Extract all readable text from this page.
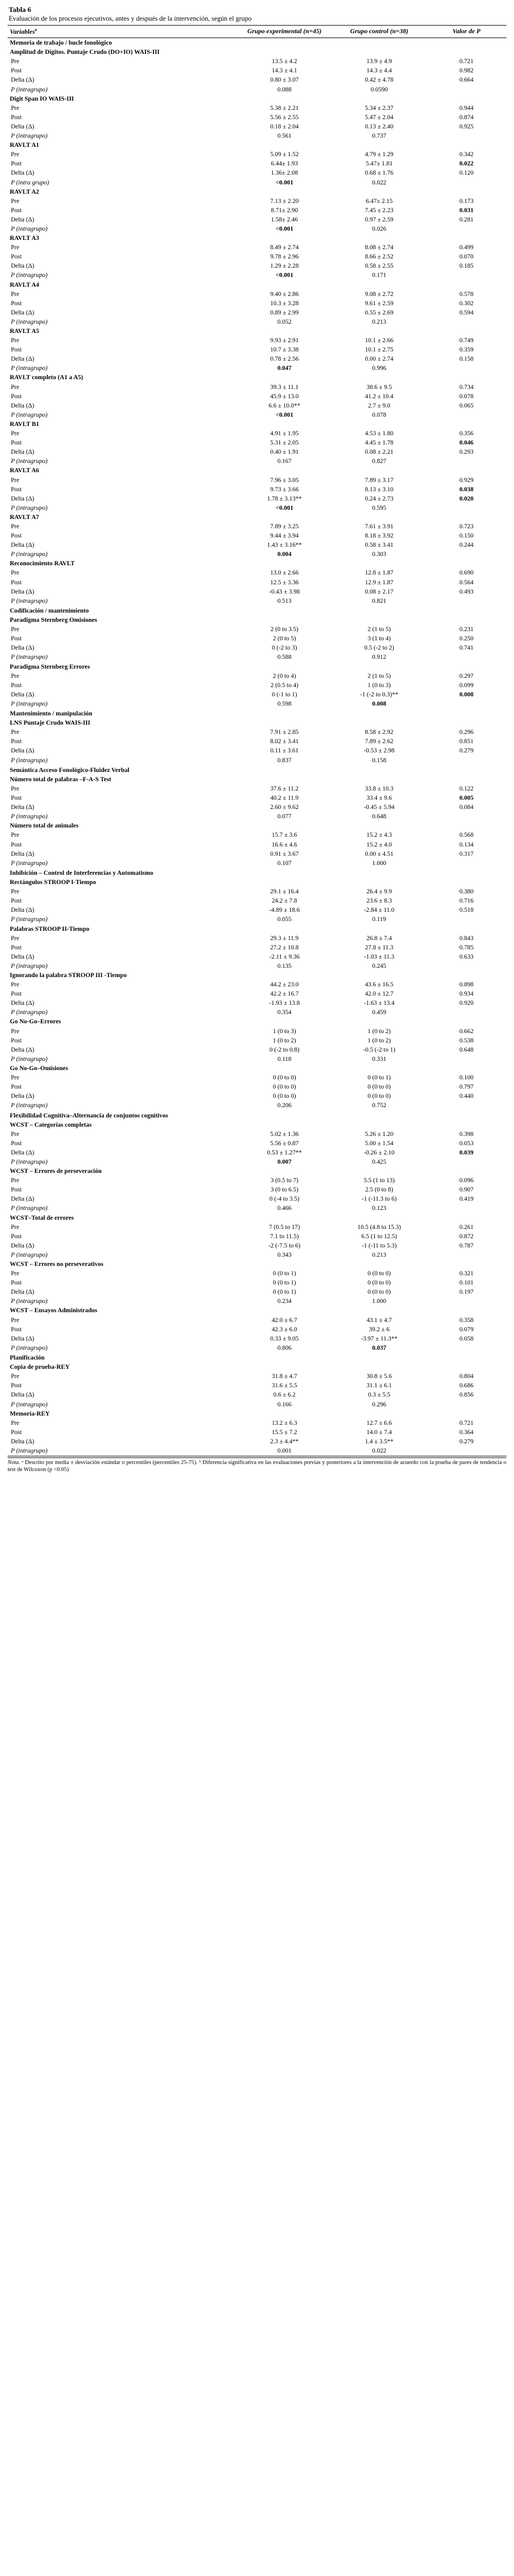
Tabla 6
Evaluación de los procesos ejecutivos, antes y después de la intervención, según el grupo
Variables$^a$	Grupo experimental (n=45)	Grupo control (n=38)	Valor de P
Memoria de trabajo / bucle fonológico			
Amplitud de Dígitos. Puntaje Crudo (DO+IO) WAIS-III			
Pre	13.5 ± 4.2	13.9 ± 4.9	0.721
Post	14.3 ± 4.1	14.3 ± 4.4	0.982
Delta (Δ)	0.80 ± 3.07	0.42 ± 4.78	0.664
P (intragrupo)	0.088	0.0590	
Digit Span IO WAIS-III			
Pre	5.38 ± 2.21	5.34 ± 2.37	0.944
Post	5.56 ± 2.55	5.47 ± 2.04	0.874
Delta (Δ)	0.18 ± 2.04	0.13 ± 2.40	0.925
P (intragrupo)	0.561	0.737	
RAVLT A1			
Pre	5.09 ± 1.52	4.79 ± 1.29	0.342
Post	6.44± 1.93	5.47± 1.81	0.022
Delta (Δ)	1.36± 2.08	0.68 ± 1.76	0.120
P (intra grupo)	<0.001	0.022	
RAVLT A2			
Pre	7.13 ± 2.20	6.47± 2.15	0.173
Post	8.71± 2.90	7.45 ± 2.23	0.031
Delta (Δ)	1.58± 2.46	0.97 ± 2.59	0.281
P (intragrupo)	<0.001	0.026	
RAVLT A3			
Pre	8.49 ± 2.74	8.08 ± 2.74	0.499
Post	9.78 ± 2.96	8.66 ± 2.52	0.070
Delta (Δ)	1.29 ± 2.28	0.58 ± 2.55	0.185
P (intragrupo)	<0.001	0.171	
RAVLT A4			
Pre	9.40 ± 2.86	9.08 ± 2.72	0.578
Post	10.3 ± 3.28	9.61 ± 2.59	0.302
Delta (Δ)	0.89 ± 2.99	0.55 ± 2.69	0.594
P (intragrupo)	0.052	0.213	
RAVLT A5			
Pre	9.93 ± 2.91	10.1 ± 2.66	0.749
Post	10.7 ± 3.38	10.1 ± 2.75	0.359
Delta (Δ)	0.78 ± 2.56	0.00 ± 2.74	0.158
P (intragrupo)	0.047	0.996	
RAVLT completo (A1 a A5)			
Pre	39.3 ± 11.1	38.6 ± 9.5	0.734
Post	45.9 ± 13.0	41.2 ± 10.4	0.078
Delta (Δ)	6.6 ± 10.0**	2.7 ± 9.0	0.065
P (intragrupo)	<0.001	0.078	
RAVLT B1			
Pre	4.91 ± 1.95	4.53 ± 1.80	0.356
Post	5.31 ± 2.05	4.45 ± 1.78	0.046
Delta (Δ)	0.40 ± 1.91	0.08 ± 2.21	0.293
P (intragrupo)	0.167	0.827	
RAVLT A6			
Pre	7.96 ± 3.05	7.89 ± 3.17	0.929
Post	9.73 ± 3.66	8.13 ± 3.10	0.038
Delta (Δ)	1.78 ± 3.13**	0.24 ± 2.73	0.020
P (intragrupo)	<0.001	0.595	
RAVLT A7			
Pre	7.89 ± 3.25	7.61 ± 3.91	0.723
Post	9.44 ± 3.94	8.18 ± 3.92	0.150
Delta (Δ)	1.43 ± 3.16**	0.58 ± 3.41	0.244
P (intragrupo)	0.004	0.303	
Reconocimiento RAVLT			
Pre	13.0 ± 2.66	12.8 ± 1.87	0.690
Post	12.5 ± 3.36	12.9 ± 1.87	0.564
Delta (Δ)	-0.43 ± 3.98	0.08 ± 2.17	0.493
P (intragrupo)	0.513	0.821	
Codificación / mantenimiento			
Paradigma Sternberg Omisiones			
Pre	2 (0 to 3.5)	2 (1 to 5)	0.231
Post	2 (0 to 5)	3 (1 to 4)	0.250
Delta (Δ)	0 (-2 to 3)	0.5 (-2 to 2)	0.741
P (intragrupo)	0.588	0.912	
Paradigma Sternberg Errores			
Pre	2 (0 to 4)	2 (1 to 5)	0.297
Post	2 (0.5 to 4)	1 (0 to 3)	0.099
Delta (Δ)	0 (-1 to 1)	-1 (-2 to 0.3)**	0.008
P (intragrupo)	0.598	0.008	
Mantenimiento / manipulación			
LNS Puntaje Crudo WAIS-III			
Pre	7.91 ± 2.85	8.58 ± 2.92	0.296
Post	8.02 ± 3.41	7.89 ± 2.62	0.851
Delta (Δ)	0.11 ± 3.61	-0.53 ± 2.98	0.279
P (intragrupo)	0.837	0.158	
Semántica Acceso Fonológico-Fluidez Verbal			
Número total de palabras –F-A-S Test			
Pre	37.6 ± 11.2	33.8 ± 10.3	0.122
Post	40.2 ± 11.9	33.4 ± 9.6	0.005
Delta (Δ)	2.60 ± 9.62	-0.45 ± 5.94	0.084
P (intragrupo)	0.077	0.648	
Número total de animales			
Pre	15.7 ± 3.6	15.2 ± 4.3	0.568
Post	16.6 ± 4.6	15.2 ± 4.0	0.134
Delta (Δ)	0.91 ± 3.67	0.00 ± 4.51	0.317
P (intragrupo)	0.107	1.000	
Inhibición – Control de Interferencias y Automatismo			
Rectángulos STROOP I-Tiempo			
Pre	29.1 ± 16.4	26.4 ± 9.9	0.380
Post	24.2 ± 7.8	23.6 ± 8.3	0.716
Delta (Δ)	-4.89 ± 18.6	-2.84 ± 11.0	0.518
P (intragrupo)	0.055	0.119	
Palabras STROOP II-Tiempo			
Pre	29.3 ± 11.9	26.8 ± 7.4	0.843
Post	27.2 ± 10.8	27.8 ± 11.3	0.785
Delta (Δ)	-2.11 ± 9.36	-1.03 ± 11.3	0.633
P (intragrupo)	0.135	0.245	
Ignorando la palabra STROOP III -Tiempo			
Pre	44.2 ± 23.0	43.6 ± 16.5	0.898
Post	42.2 ± 16.7	42.0 ± 12.7	0.934
Delta (Δ)	-1.93 ± 13.8	-1.63 ± 13.4	0.920
P (intragrupo)	0.354	0.459	
Go No-Go–Errores			
Pre	1 (0 to 3)	1 (0 to 2)	0.662
Post	1 (0 to 2)	1 (0 to 2)	0.538
Delta (Δ)	0 (-2 to 0.8)	-0.5 (-2 to 1)	0.648
P (intragrupo)	0.118	0.331	
Go No-Go–Omisiones			
Pre	0 (0 to 0)	0 (0 to 1)	0.100
Post	0 (0 to 0)	0 (0 to 0)	0.797
Delta (Δ)	0 (0 to 0)	0 (0 to 0)	0.440
P (intragrupo)	0.206	0.752	
Flexibilidad Cognitiva–Alternancia de conjuntos cognitivos			
WCST – Categorías completas			
Pre	5.02 ± 1.36	5.26 ± 1.20	0.398
Post	5.56 ± 0.87	5.00 ± 1.54	0.053
Delta (Δ)	0.53 ± 1.27**	-0.26 ± 2.10	0.039
P (intragrupo)	0.007	0.425	
WCST – Errores de perseveración			
Pre	3 (0.5 to 7)	5.5 (1 to 13)	0.096
Post	3 (0 to 6.5)	2.5 (0 to 8)	0.907
Delta (Δ)	0 (-4 to 3.5)	-1 (-11.3 to 6)	0.419
P (intragrupo)	0.466	0.123	
WCST–Total de errores			
Pre	7 (0.5 to 17)	10.5 (4.8 to 15.3)	0.261
Post	7.1 to 11.5)	6.5 (1 to 12.5)	0.872
Delta (Δ)	-2 (-7.5 to 6)	-1 (-11 to 5.3)	0.787
P (intragrupo)	0.343	0.213	
WCST – Errores no perseverativos			
Pre	0 (0 to 1)	0 (0 to 0)	0.321
Post	0 (0 to 1)	0 (0 to 0)	0.101
Delta (Δ)	0 (0 to 1)	0 (0 to 0)	0.197
P (intragrupo)	0.234	1.000	
WCST – Ensayos Administrados			
Pre	42.0 ± 6.7	43.1 ± 4.7	0.358
Post	42.3 ± 6.0	39.2 ± 6	0.079
Delta (Δ)	0.33 ± 9.05	-3.97 ± 11.3**	0.058
P (intragrupo)	0.806	0.037	
Planificación			
Copia de prueba-REY			
Pre	31.8 ± 4.7	30.8 ± 5.6	0.804
Post	31.6 ± 5.5	31.1 ± 6.1	0.686
Delta (Δ)	0.6 ± 6.2	0.3 ± 5.5	0.856
P (intragrupo)	0.166	0.296	
Memoria-REY			
Pre	13.2 ± 6.3	12.7 ± 6.6	0.721
Post	15.5 ± 7.2	14.0 ± 7.4	0.364
Delta (Δ)	2.3 ± 4.4**	1.4 ± 3.5**	0.279
P (intragrupo)	0.001	0.022	
Nota. ᵃ Descrito por media ± desviación estándar o percentiles (percentiles 25-75). ᵇ Diferencia significativa en las evaluaciones previas y posteriores a la intervención de acuerdo con la prueba de pares de tendencia o test de Wilcoxon (p <0.05)
